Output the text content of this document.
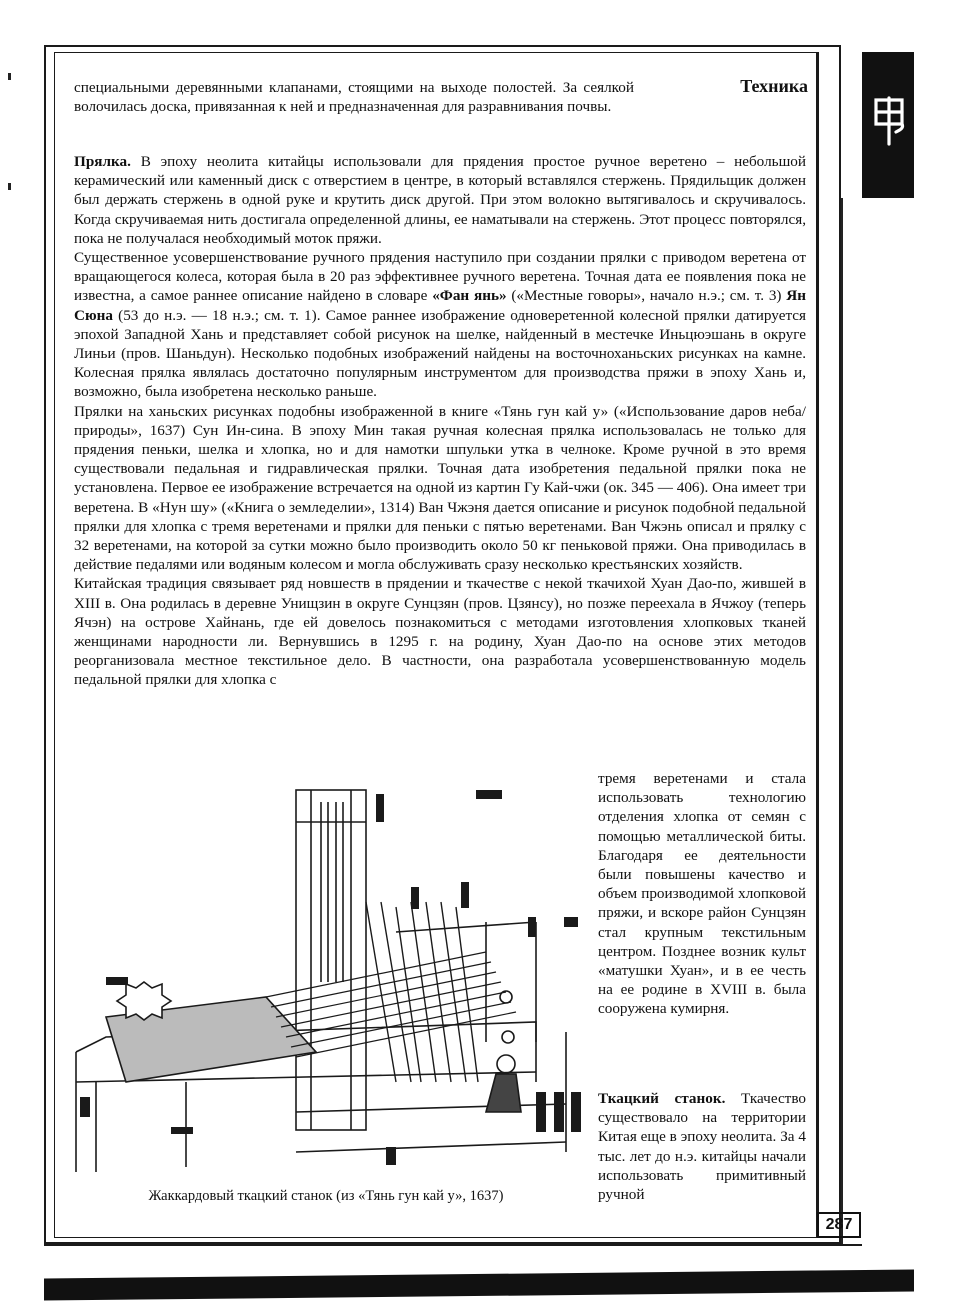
Техника
специальными деревянными клапанами, стоящими на выходе полостей. За сеялкой волочилась доска, привязанная к ней и предназначенная для разравнивания почвы.

Прялка. В эпоху неолита китайцы использовали для прядения простое ручное веретено – небольшой керамический или каменный диск с отверстием в центре, в который вставлялся стержень. Прядильщик должен был держать стержень в одной руке и крутить диск другой. При этом волокно вытягивалось и скручивалось. Когда скручиваемая нить достигала определенной длины, ее наматывали на стержень. Этот процесс повторялся, пока не получалася необходимый моток пряжи.

Существенное усовершенствование ручного прядения наступило при создании прялки с приводом веретена от вращающегося колеса, которая была в 20 раз эффективнее ручного веретена. Точная дата ее появления пока не известна, а самое раннее описание найдено в словаре «Фан янь» («Местные говоры», начало н.э.; см. т. 3) Ян Сюна (53 до н.э. — 18 н.э.; см. т. 1). Самое раннее изображение одноверетенной колесной прялки датируется эпохой Западной Хань и представляет собой рисунок на шелке, найденный в местечке Иньцюэшань в округе Линьи (пров. Шаньдун). Несколько подобных изображений найдены на восточноханьских рисунках на камне. Колесная прялка являлась достаточно популярным инструментом для производства пряжи в эпоху Хань и, возможно, была изобретена несколько раньше.

Прялки на ханьских рисунках подобны изображенной в книге «Тянь гун кай у» («Использование даров неба/природы», 1637) Сун Ин-сина. В эпоху Мин такая ручная колесная прялка использовалась не только для прядения пеньки, шелка и хлопка, но и для намотки шпульки утка в челноке. Кроме ручной в это время существовали педальная и гидравлическая прялки. Точная дата изобретения педальной прялки пока не установлена. Первое ее изображение встречается на одной из картин Гу Кай-чжи (ок. 345 — 406). Она имеет три веретена. В «Нун шу» («Книга о земледелии», 1314) Ван Чжэня дается описание и рисунок подобной педальной прялки для хлопка с тремя веретенами и прялки для пеньки с пятью веретенами. Ван Чжэнь описал и прялку с 32 веретенами, на которой за сутки можно было производить около 50 кг пеньковой пряжи. Она приводилась в действие педалями или водяным колесом и могла обслуживать сразу несколько крестьянских хозяйств.

Китайская традиция связывает ряд новшеств в прядении и ткачестве с некой ткачихой Хуан Дао-по, жившей в XIII в. Она родилась в деревне Унищзин в округе Сунцзян (пров. Цзянсу), но позже переехала в Ячжоу (теперь Ячэн) на острове Хайнань, где ей довелось познакомиться с методами изготовления хлопковых тканей женщинами народности ли. Вернувшись в 1295 г. на родину, Хуан Дао-по на основе этих методов реорганизовала местное текстильное дело. В частности, она разработала усовершенствованную модель педальной прялки для хлопка с

тремя веретенами и стала использовать технологию отделения хлопка от семян с помощью металлической биты. Благодаря ее деятельности были повышены качество и объем производимой хлопковой пряжи, и вскоре район Сунцзян стал крупным текстильным центром. Позднее возник культ «матушки Хуан», и в ее честь на ее родине в XVIII в. была сооружена кумирня.
Ткацкий станок. Ткачество существовало на территории Китая еще в эпоху неолита. За 4 тыс. лет до н.э. китайцы начали использовать примитивный ручной
Жаккардовый ткацкий станок (из «Тянь гун кай у», 1637)
287
